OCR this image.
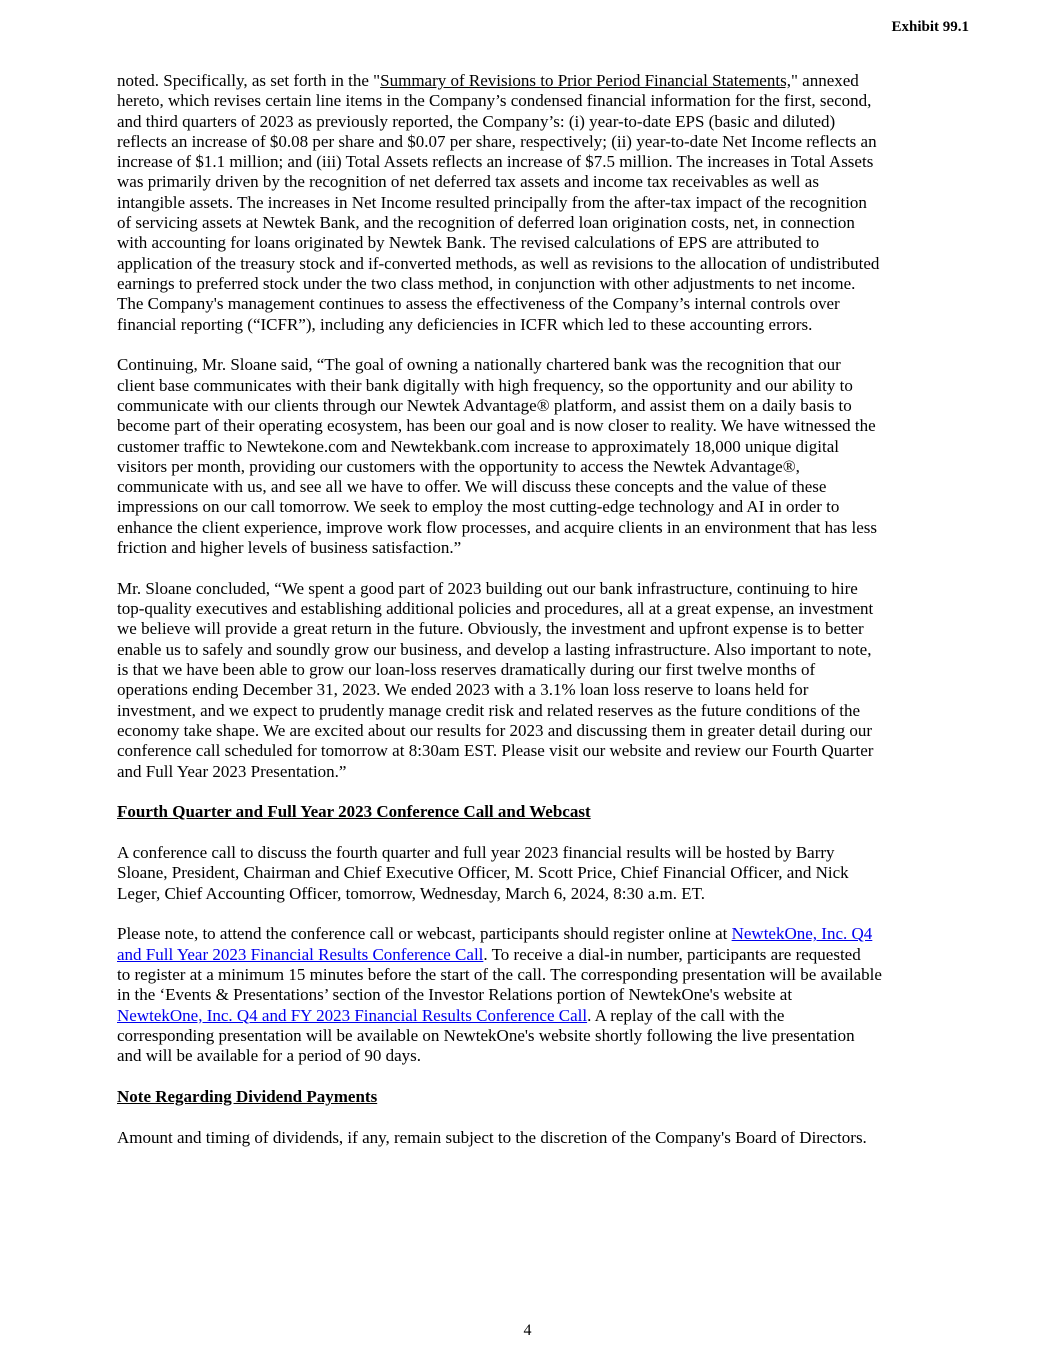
Exhibit 99.1
noted. Specifically, as set forth in the "Summary of Revisions to Prior Period Financial Statements," annexed
hereto, which revises certain line items in the Company’s condensed financial information for the first, second,
and third quarters of 2023 as previously reported, the Company’s: (i) year-to-date EPS (basic and diluted)
reflects an increase of $0.08 per share and $0.07 per share, respectively; (ii) year-to-date Net Income reflects an
increase of $1.1 million; and (iii) Total Assets reflects an increase of $7.5 million. The increases in Total Assets
was primarily driven by the recognition of net deferred tax assets and income tax receivables as well as
intangible assets. The increases in Net Income resulted principally from the after-tax impact of the recognition
of servicing assets at Newtek Bank, and the recognition of deferred loan origination costs, net, in connection
with accounting for loans originated by Newtek Bank. The revised calculations of EPS are attributed to
application of the treasury stock and if-converted methods, as well as revisions to the allocation of undistributed
earnings to preferred stock under the two class method, in conjunction with other adjustments to net income.
The Company's management continues to assess the effectiveness of the Company’s internal controls over
financial reporting (“ICFR”), including any deficiencies in ICFR which led to these accounting errors.
Continuing, Mr. Sloane said, “The goal of owning a nationally chartered bank was the recognition that our
client base communicates with their bank digitally with high frequency, so the opportunity and our ability to
communicate with our clients through our Newtek Advantage® platform, and assist them on a daily basis to
become part of their operating ecosystem, has been our goal and is now closer to reality. We have witnessed the
customer traffic to Newtekone.com and Newtekbank.com increase to approximately 18,000 unique digital
visitors per month, providing our customers with the opportunity to access the Newtek Advantage®,
communicate with us, and see all we have to offer. We will discuss these concepts and the value of these
impressions on our call tomorrow. We seek to employ the most cutting-edge technology and AI in order to
enhance the client experience, improve work flow processes, and acquire clients in an environment that has less
friction and higher levels of business satisfaction.”
Mr. Sloane concluded, “We spent a good part of 2023 building out our bank infrastructure, continuing to hire
top-quality executives and establishing additional policies and procedures, all at a great expense, an investment
we believe will provide a great return in the future. Obviously, the investment and upfront expense is to better
enable us to safely and soundly grow our business, and develop a lasting infrastructure. Also important to note,
is that we have been able to grow our loan-loss reserves dramatically during our first twelve months of
operations ending December 31, 2023. We ended 2023 with a 3.1% loan loss reserve to loans held for
investment, and we expect to prudently manage credit risk and related reserves as the future conditions of the
economy take shape. We are excited about our results for 2023 and discussing them in greater detail during our
conference call scheduled for tomorrow at 8:30am EST. Please visit our website and review our Fourth Quarter
and Full Year 2023 Presentation.”
Fourth Quarter and Full Year 2023 Conference Call and Webcast
A conference call to discuss the fourth quarter and full year 2023 financial results will be hosted by Barry
Sloane, President, Chairman and Chief Executive Officer, M. Scott Price, Chief Financial Officer, and Nick
Leger, Chief Accounting Officer, tomorrow, Wednesday, March 6, 2024, 8:30 a.m. ET.
Please note, to attend the conference call or webcast, participants should register online at NewtekOne, Inc. Q4
and Full Year 2023 Financial Results Conference Call. To receive a dial-in number, participants are requested
to register at a minimum 15 minutes before the start of the call. The corresponding presentation will be available
in the ‘Events & Presentations’ section of the Investor Relations portion of NewtekOne's website at
NewtekOne, Inc. Q4 and FY 2023 Financial Results Conference Call. A replay of the call with the
corresponding presentation will be available on NewtekOne's website shortly following the live presentation
and will be available for a period of 90 days.
Note Regarding Dividend Payments
Amount and timing of dividends, if any, remain subject to the discretion of the Company's Board of Directors.
4
